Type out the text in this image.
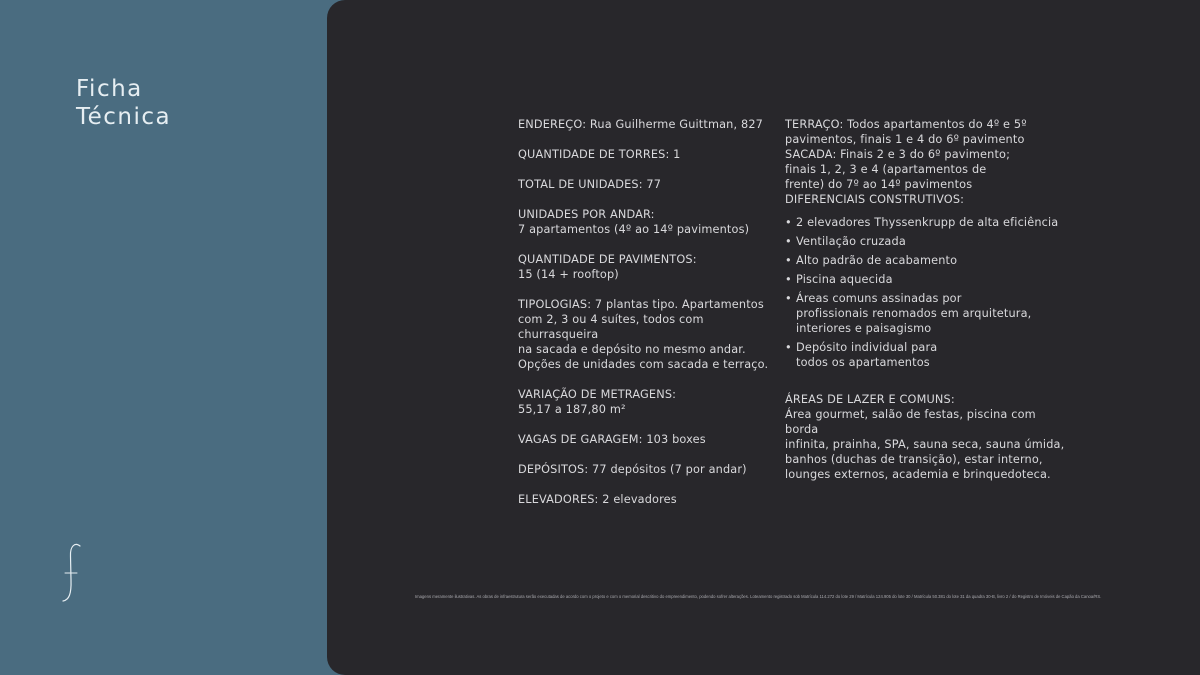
Ficha
Técnica	ENDEREÇO: Rua Guilherme Guittman, 827

QUANTIDADE DE TORRES: 1

TOTAL DE UNIDADES: 77

UNIDADES POR ANDAR:
7 apartamentos (4º ao 14º pavimentos)

QUANTIDADE DE PAVIMENTOS:
15 (14 + rooftop)

TIPOLOGIAS: 7 plantas tipo. Apartamentos
com 2, 3 ou 4 suítes, todos com churrasqueira
na sacada e depósito no mesmo andar.
Opções de unidades com sacada e terraço.

VARIAÇÃO DE METRAGENS:
55,17 a 187,80 m²

VAGAS DE GARAGEM: 103 boxes

DEPÓSITOS: 77 depósitos (7 por andar)

ELEVADORES: 2 elevadores

TERRAÇO: Todos apartamentos do 4º e 5º
pavimentos, finais 1 e 4 do 6º pavimento

SACADA: Finais 2 e 3 do 6º pavimento;
finais 1, 2, 3 e 4 (apartamentos de
frente) do 7º ao 14º pavimentos

DIFERENCIAIS CONSTRUTIVOS:

• 2 elevadores Thyssenkrupp de alta eficiência
• Ventilação cruzada
• Alto padrão de acabamento
• Piscina aquecida
• Áreas comuns assinadas por
profissionais renomados em arquitetura,
interiores e paisagismo
• Depósito individual para
todos os apartamentos

ÁREAS DE LAZER E COMUNS:
Área gourmet, salão de festas, piscina com borda
infinita, prainha, SPA, sauna seca, sauna úmida,
banhos (duchas de transição), estar interno,
lounges externos, academia e brinquedoteca.

Imagens meramente ilustrativas. As obras de infraestrutura serão executadas de acordo com o projeto e com o memorial descritivo do empreendimento, podendo sofrer alterações. Loteamento registrado sob Matrícula 114.272 do lote 29 / Matrícula 124.905 do lote 30 / Matrícula 50.381 do lote 31 da quadra 30-B, livro 2 / do Registro de Imóveis de Capão da Canoa/RS.
